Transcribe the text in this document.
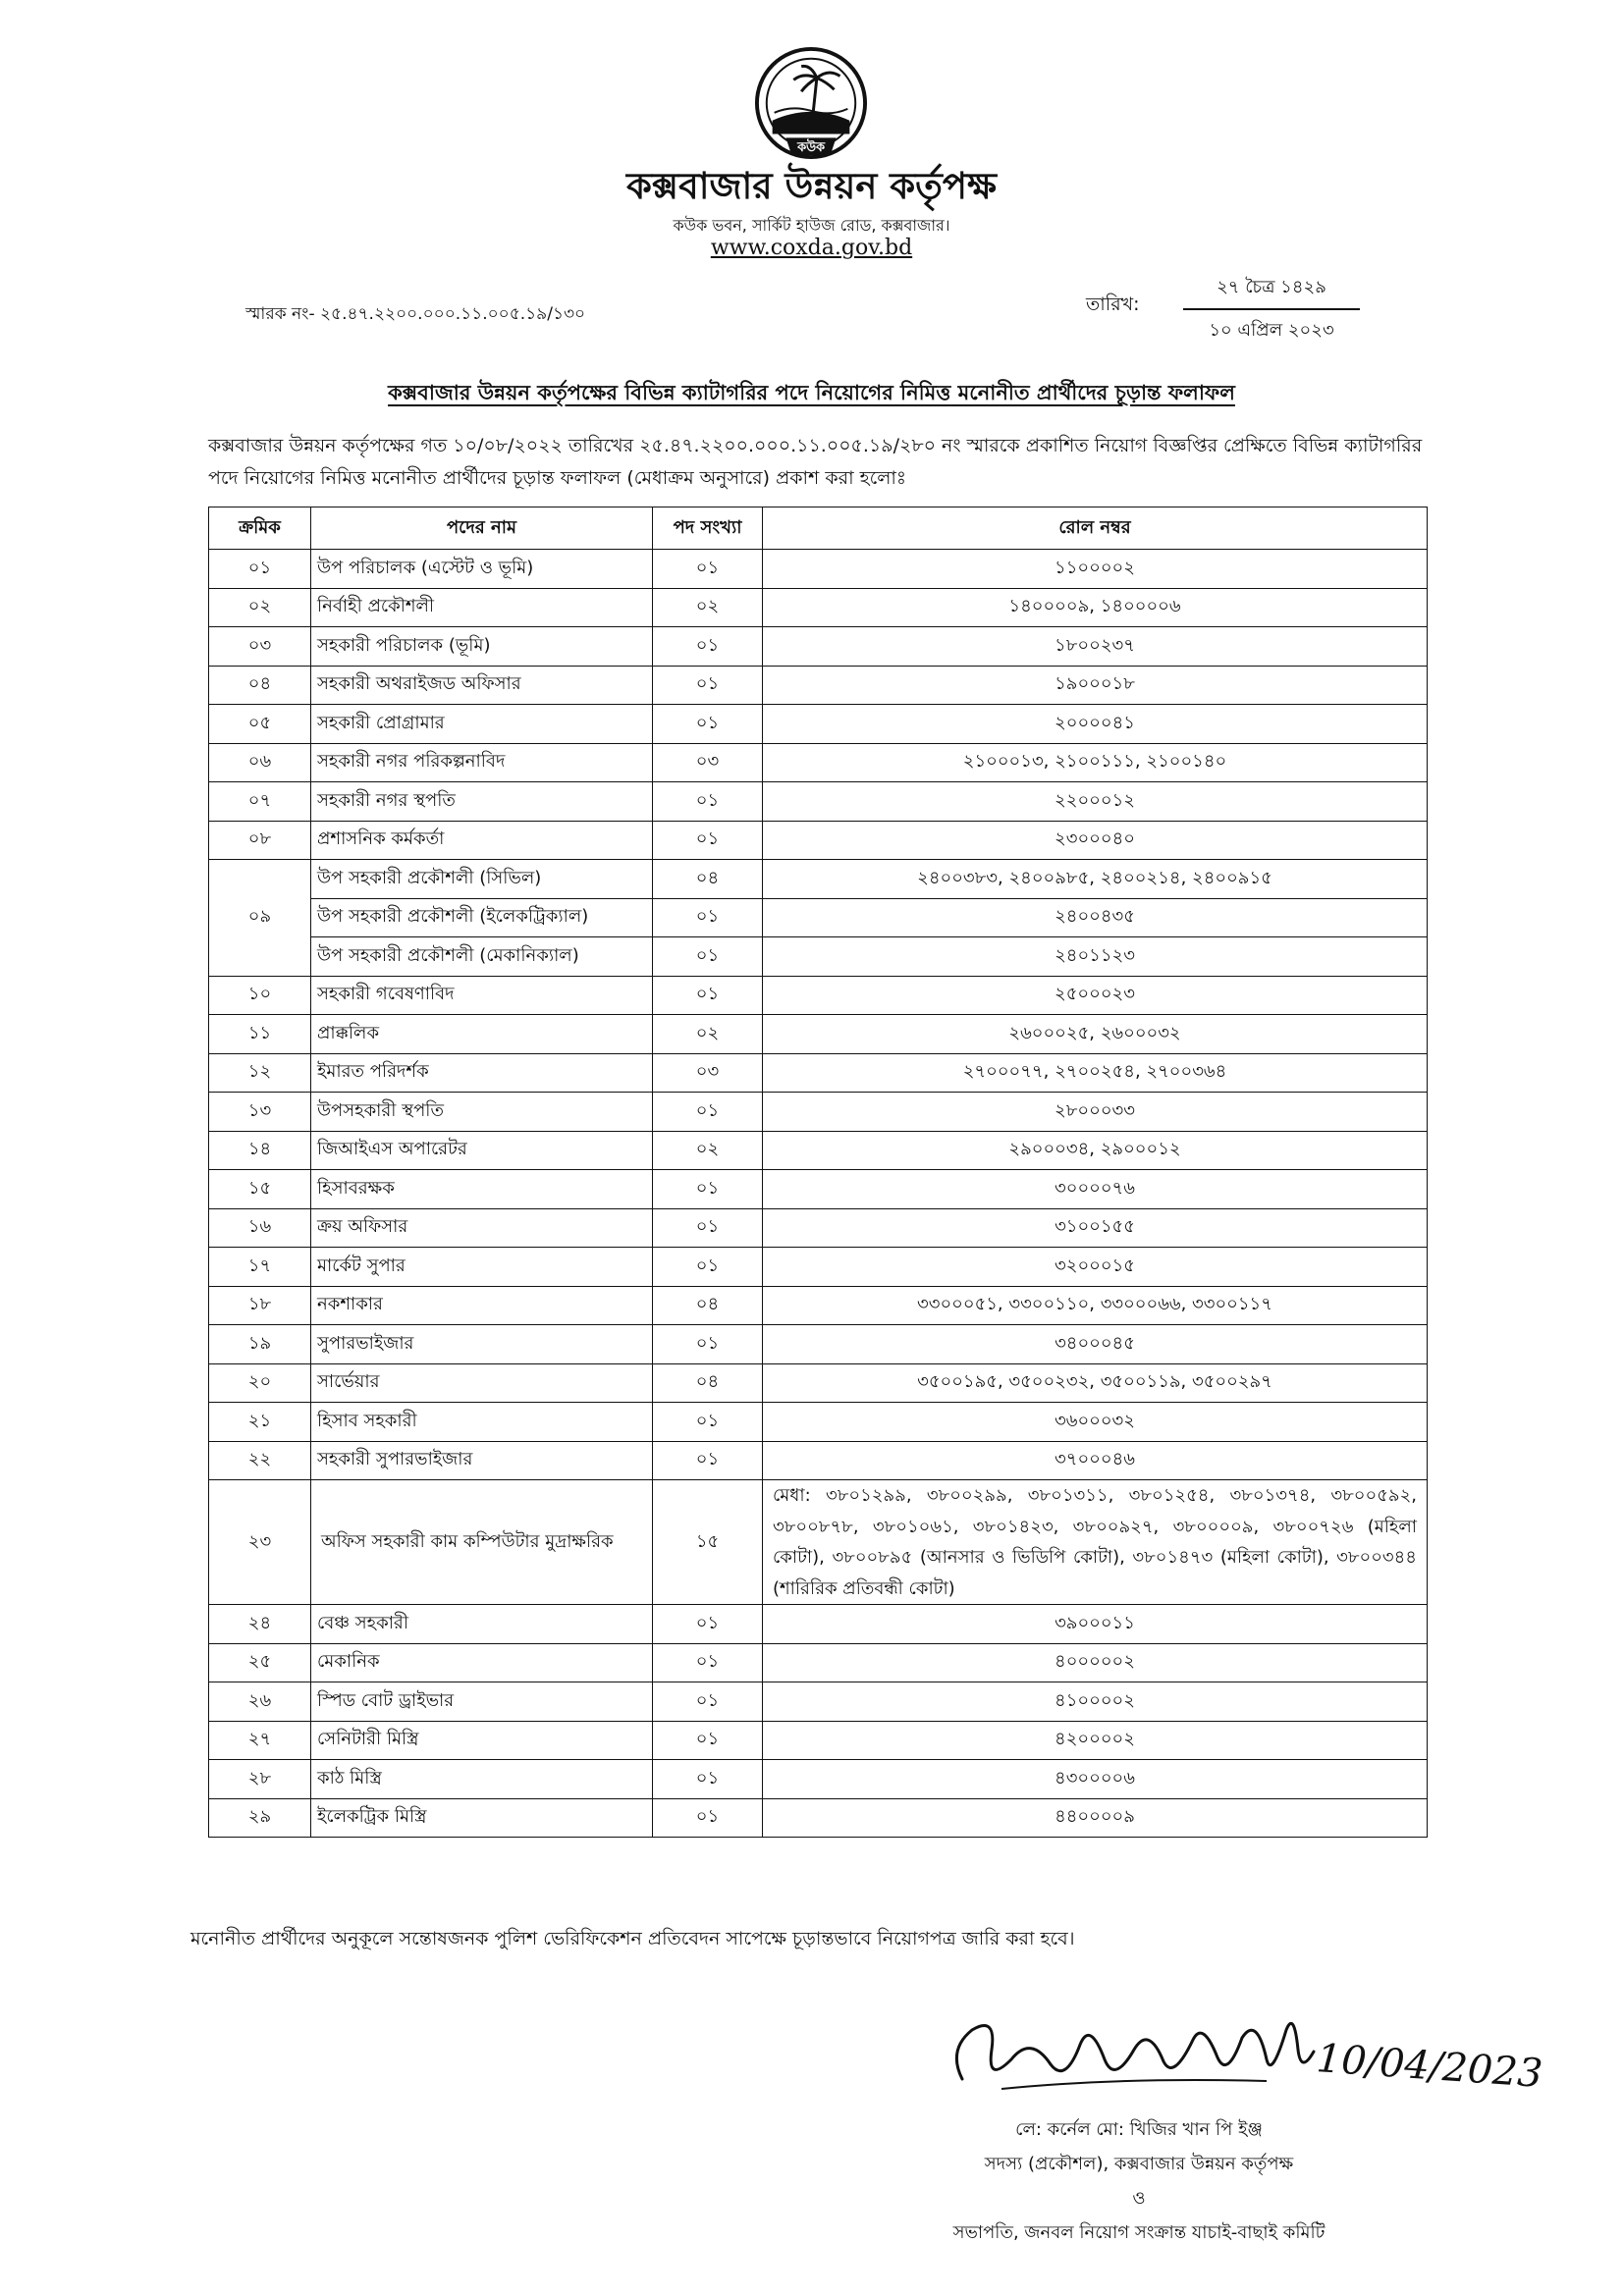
কউক
কক্সবাজার উন্নয়ন কর্তৃপক্ষ
কউক ভবন, সার্কিট হাউজ রোড, কক্সবাজার।
www.coxda.gov.bd
স্মারক নং- ২৫.৪৭.২২০০.০০০.১১.০০৫.১৯/১৩০	তারিখ:
২৭ চৈত্র ১৪২৯
১০ এপ্রিল ২০২৩
কক্সবাজার উন্নয়ন কর্তৃপক্ষের বিভিন্ন ক্যাটাগরির পদে নিয়োগের নিমিত্ত মনোনীত প্রার্থীদের চূড়ান্ত ফলাফল
কক্সবাজার উন্নয়ন কর্তৃপক্ষের গত ১০/০৮/২০২২ তারিখের ২৫.৪৭.২২০০.০০০.১১.০০৫.১৯/২৮০ নং স্মারকে প্রকাশিত নিয়োগ বিজ্ঞপ্তির প্রেক্ষিতে বিভিন্ন ক্যাটাগরির পদে নিয়োগের নিমিত্ত মনোনীত প্রার্থীদের চূড়ান্ত ফলাফল (মেধাক্রম অনুসারে) প্রকাশ করা হলোঃ
ক্রমিক	পদের নাম	পদ সংখ্যা	রোল নম্বর
০১	উপ পরিচালক (এস্টেট ও ভূমি)	০১	১১০০০০২
০২	নির্বাহী প্রকৌশলী	০২	১৪০০০০৯, ১৪০০০০৬
০৩	সহকারী পরিচালক (ভূমি)	০১	১৮০০২৩৭
০৪	সহকারী অথরাইজড অফিসার	০১	১৯০০০১৮
০৫	সহকারী প্রোগ্রামার	০১	২০০০০৪১
০৬	সহকারী নগর পরিকল্পনাবিদ	০৩	২১০০০১৩, ২১০০১১১, ২১০০১৪০
০৭	সহকারী নগর স্থপতি	০১	২২০০০১২
০৮	প্রশাসনিক কর্মকর্তা	০১	২৩০০০৪০
০৯	উপ সহকারী প্রকৌশলী (সিভিল)	০৪	২৪০০৩৮৩, ২৪০০৯৮৫, ২৪০০২১৪, ২৪০০৯১৫
	উপ সহকারী প্রকৌশলী (ইলেকট্রিক্যাল)	০১	২৪০০৪৩৫
	উপ সহকারী প্রকৌশলী (মেকানিক্যাল)	০১	২৪০১১২৩
১০	সহকারী গবেষণাবিদ	০১	২৫০০০২৩
১১	প্রাক্কলিক	০২	২৬০০০২৫, ২৬০০০৩২
১২	ইমারত পরিদর্শক	০৩	২৭০০০৭৭, ২৭০০২৫৪, ২৭০০৩৬৪
১৩	উপসহকারী স্থপতি	০১	২৮০০০৩৩
১৪	জিআইএস অপারেটর	০২	২৯০০০৩৪, ২৯০০০১২
১৫	হিসাবরক্ষক	০১	৩০০০০৭৬
১৬	ক্রয় অফিসার	০১	৩১০০১৫৫
১৭	মার্কেট সুপার	০১	৩২০০০১৫
১৮	নকশাকার	০৪	৩৩০০০৫১, ৩৩০০১১০, ৩৩০০০৬৬, ৩৩০০১১৭
১৯	সুপারভাইজার	০১	৩৪০০০৪৫
২০	সার্ভেয়ার	০৪	৩৫০০১৯৫, ৩৫০০২৩২, ৩৫০০১১৯, ৩৫০০২৯৭
২১	হিসাব সহকারী	০১	৩৬০০০৩২
২২	সহকারী সুপারভাইজার	০১	৩৭০০০৪৬
২৩	অফিস সহকারী কাম কম্পিউটার মুদ্রাক্ষরিক	১৫	মেধা: ৩৮০১২৯৯, ৩৮০০২৯৯, ৩৮০১৩১১, ৩৮০১২৫৪, ৩৮০১৩৭৪, ৩৮০০৫৯২, ৩৮০০৮৭৮, ৩৮০১০৬১, ৩৮০১৪২৩, ৩৮০০৯২৭, ৩৮০০০০৯, ৩৮০০৭২৬ (মহিলা কোটা), ৩৮০০৮৯৫ (আনসার ও ভিডিপি কোটা), ৩৮০১৪৭৩ (মহিলা কোটা), ৩৮০০৩৪৪ (শারিরিক প্রতিবন্ধী কোটা)
২৪	বেঞ্চ সহকারী	০১	৩৯০০০১১
২৫	মেকানিক	০১	৪০০০০০২
২৬	স্পিড বোট ড্রাইভার	০১	৪১০০০০২
২৭	সেনিটারী মিস্ত্রি	০১	৪২০০০০২
২৮	কাঠ মিস্ত্রি	০১	৪৩০০০০৬
২৯	ইলেকট্রিক মিস্ত্রি	০১	৪৪০০০০৯
মনোনীত প্রার্থীদের অনুকূলে সন্তোষজনক পুলিশ ভেরিফিকেশন প্রতিবেদন সাপেক্ষে চূড়ান্তভাবে নিয়োগপত্র জারি করা হবে।
10/04/2023
লে: কর্নেল মো: খিজির খান পি ইঞ্জ
সদস্য (প্রকৌশল), কক্সবাজার উন্নয়ন কর্তৃপক্ষ
ও
সভাপতি, জনবল নিয়োগ সংক্রান্ত যাচাই-বাছাই কমিটি
